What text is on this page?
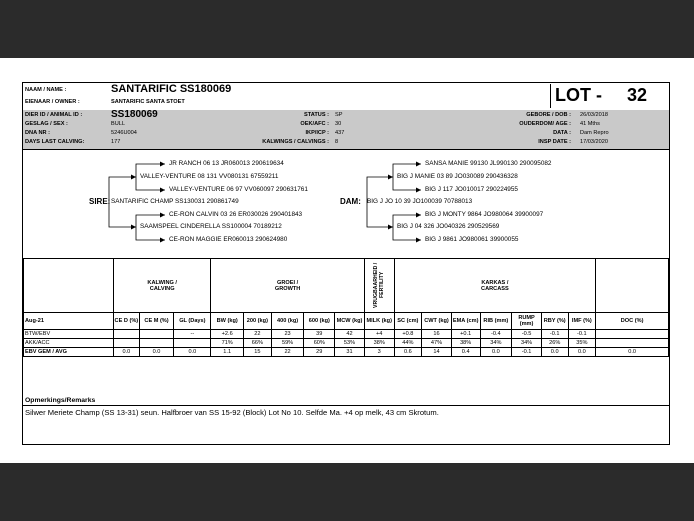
NAAM / NAME :	SANTARIFIC SS180069
EIENAAR / OWNER :	SANTARIFIC SANTA STOET	LOT - 32
DIER ID / ANIMAL ID :	SS180069
GESLAG / SEX :	BULL
DNA NR :	5246U004
DAYS LAST CALVING:	177
STATUS : SP
OEK/AFC : 30
IKP/ICP : 437
KALWINGS / CALVINGS : 8
GEBORE / DOB : 26/03/2018
OUDERDOM/ AGE : 41 Mths
DATA : Dam Repro
INSP DATE : 17/03/2020
JR RANCH 06 13 JR060013 290619634
VALLEY-VENTURE 08 131 VV080131 67559211
VALLEY-VENTURE 06 97 VV060097 290631761
SIRE: SANTARIFIC CHAMP SS130031 290861749
CE-RON CALVIN 03 26 ER030026 290401843
SAAMSPEEL CINDERELLA SS100004 70189212
CE-RON MAGGIE ER060013 290624980
SANSA MANIE 99130 JL990130 290095082
BIG J MANIE 03 89 JO030089 290436328
BIG J 117 JO010017 290224955
DAM: BIG J JO 10 39 JO100039 70788013
BIG J MONTY 9864 JO980064 39900097
BIG J 04 326 JO040326 290529569
BIG J 9861 JO980061 39900055
	KALWING / CALVING			GROEI / GROWTH					VRUGBAARHEID / FERTILITY	KARKAS / CARCASS							
Aug-21	CE D (%)	CE M (%)	GL (Days)	BW (kg)	200 (kg)	400 (kg)	600 (kg)	MCW (kg)	MILK (kg)	SC (cm)	CWT (kg)	EMA (cm)	RIB (mm)	RUMP (mm)	RBY (%)	IMF (%)	DOC (%)
BTW/EBV			--	+2.6	22	23	39	42	+4	+0.8	16	+0.1	-0.4	-0.5	-0.1	-0.1	
AKK/ACC				71%	66%	59%	60%	53%	38%	44%	47%	38%	34%	34%	26%	35%	
EBV GEM / AVG	0.0	0.0	0.0	1.1	15	22	29	31	3	0.6	14	0.4	0.0	-0.1	0.0	0.0	0.0
Opmerkings/Remarks
Silwer Meriete Champ (SS 13-31) seun. Halfbroer van SS 15-92 (Block) Lot No 10. Selfde Ma. +4 op melk, 43 cm Skrotum.
